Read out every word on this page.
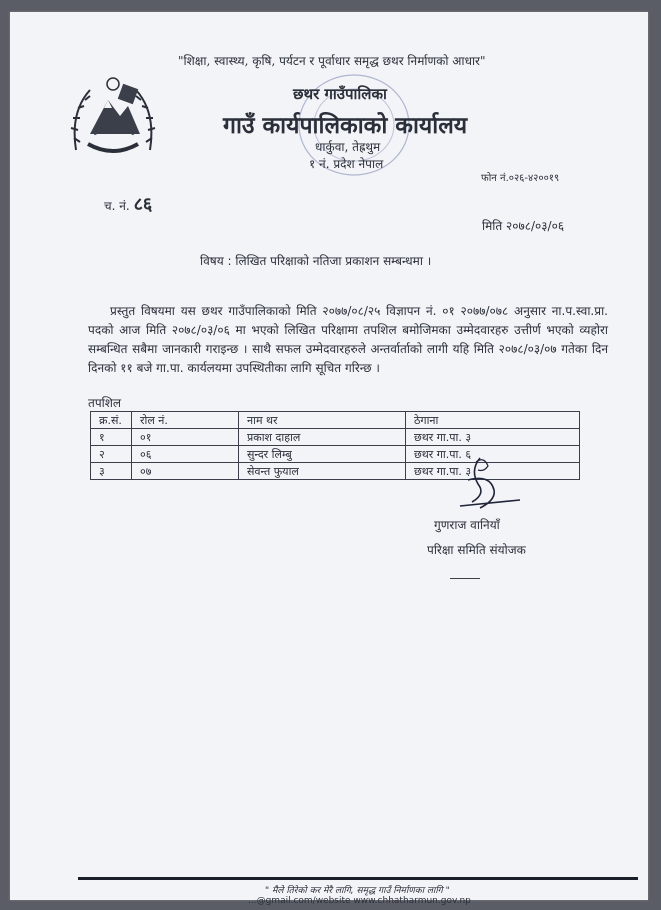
"शिक्षा, स्वास्थ्य, कृषि, पर्यटन र पूर्वाधार समृद्ध छथर निर्माणको आधार"
छथर गाउँपालिका
गाउँ कार्यपालिकाको कार्यालय
धार्कुवा, तेह्रथुम
१ नं. प्रदेश नेपाल
फोन नं.०२६-४२००१९
च. नं. ८६
मिति २०७८/०३/०६
विषय : लिखित परिक्षाको नतिजा प्रकाशन सम्बन्धमा ।
प्रस्तुत विषयमा यस छथर गाउँपालिकाको मिति २०७७/०८/२५ विज्ञापन नं. ०१ २०७७/०७८ अनुसार ना.प.स्वा.प्रा. पदको आज मिति २०७८/०३/०६ मा भएको लिखित परिक्षामा तपशिल बमोजिमका उम्मेदवारहरु उत्तीर्ण भएको व्यहोरा सम्बन्धित सबैमा जानकारी गराइन्छ । साथै सफल उम्मेदवारहरुले अन्तर्वार्ताको लागी यहि मिति २०७८/०३/०७ गतेका दिन दिनको ११ बजे गा.पा. कार्यलयमा उपस्थितीका लागि सूचित गरिन्छ ।
तपशिल
क्र.सं.	रोल नं.	नाम थर	ठेगाना
१	०१	प्रकाश दाहाल	छथर गा.पा. ३
२	०६	सुन्दर लिम्बु	छथर गा.पा. ६
३	०७	सेवन्त फुयाल	छथर गा.पा. ३
गुणराज वानियाँ
परिक्षा समिति संयोजक
" मैले तिरेको कर मेरै लागि, समृद्ध गाउँ निर्माणका लागि "
...@gmail.com/website www.chhatharmun.gov.np
